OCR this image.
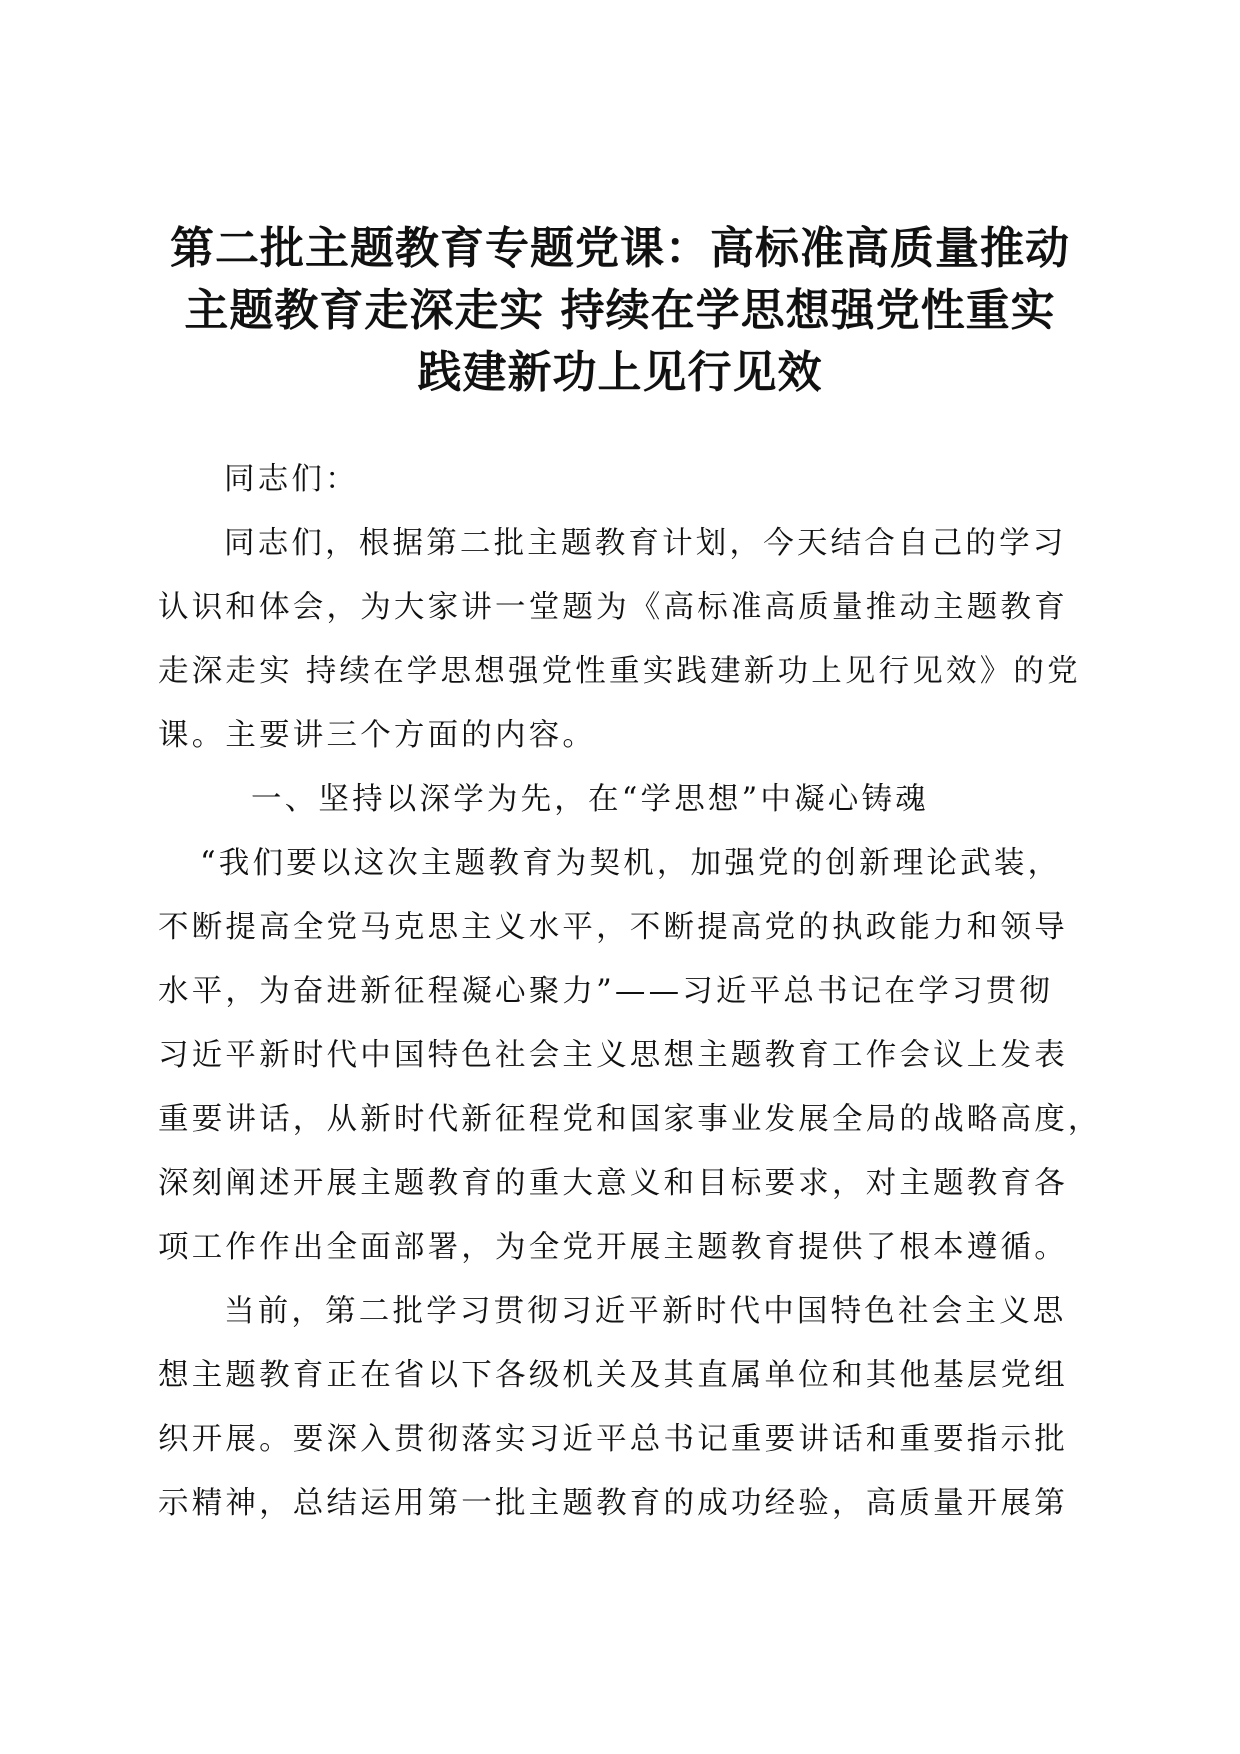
第二批主题教育专题党课：高标准高质量推动
主题教育走深走实 持续在学思想强党性重实
践建新功上见行见效
同志们：
同志们，根据第二批主题教育计划，今天结合自己的学习
认识和体会，为大家讲一堂题为《高标准高质量推动主题教育
走深走实 持续在学思想强党性重实践建新功上见行见效》的党
课。主要讲三个方面的内容。
一、坚持以深学为先，在“学思想”中凝心铸魂
“我们要以这次主题教育为契机，加强党的创新理论武装，
不断提高全党马克思主义水平，不断提高党的执政能力和领导
水平，为奋进新征程凝心聚力”——习近平总书记在学习贯彻
习近平新时代中国特色社会主义思想主题教育工作会议上发表
重要讲话，从新时代新征程党和国家事业发展全局的战略高度，
深刻阐述开展主题教育的重大意义和目标要求，对主题教育各
项工作作出全面部署，为全党开展主题教育提供了根本遵循。
当前，第二批学习贯彻习近平新时代中国特色社会主义思
想主题教育正在省以下各级机关及其直属单位和其他基层党组
织开展。要深入贯彻落实习近平总书记重要讲话和重要指示批
示精神，总结运用第一批主题教育的成功经验，高质量开展第
